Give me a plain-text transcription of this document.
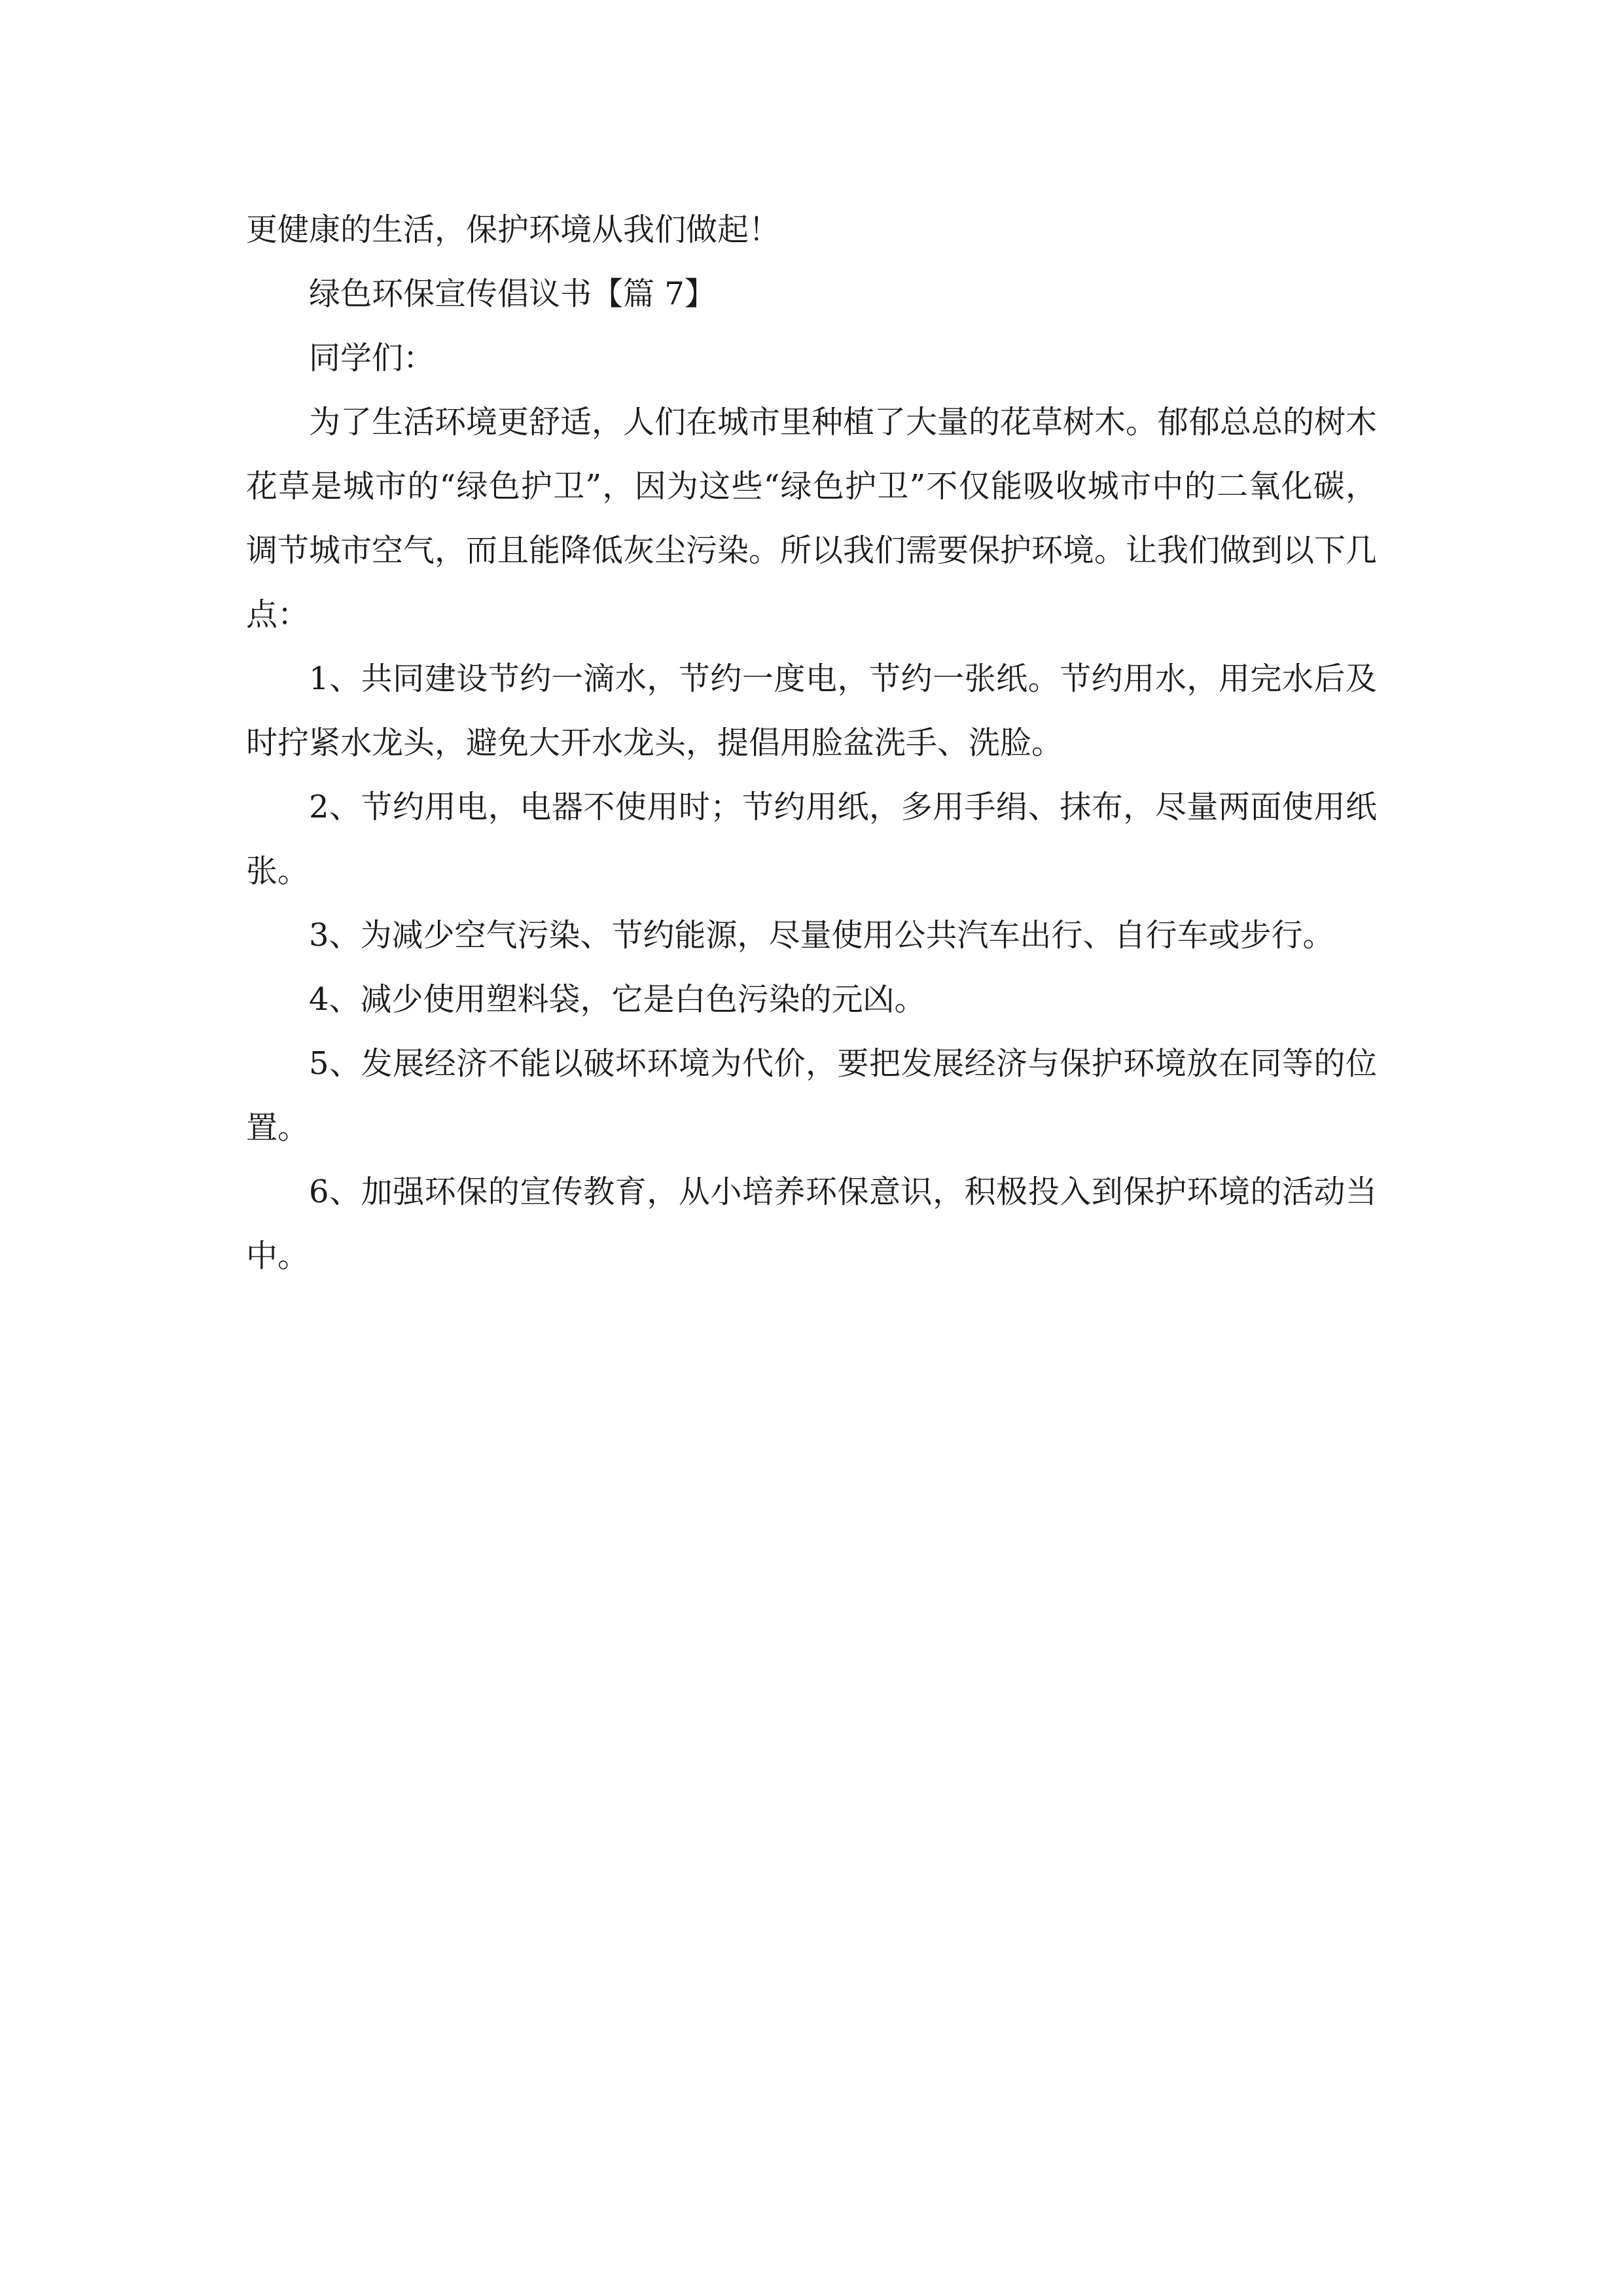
更健康的生活，保护环境从我们做起！

绿色环保宣传倡议书【篇 7】

同学们：

为了生活环境更舒适，人们在城市里种植了大量的花草树木。郁郁总总的树木花草是城市的“绿色护卫”，因为这些“绿色护卫”不仅能吸收城市中的二氧化碳，调节城市空气，而且能降低灰尘污染。所以我们需要保护环境。让我们做到以下几点：

1、共同建设节约一滴水，节约一度电，节约一张纸。节约用水，用完水后及时拧紧水龙头，避免大开水龙头，提倡用脸盆洗手、洗脸。

2、节约用电，电器不使用时；节约用纸，多用手绢、抹布，尽量两面使用纸张。

3、为减少空气污染、节约能源，尽量使用公共汽车出行、自行车或步行。

4、减少使用塑料袋，它是白色污染的元凶。

5、发展经济不能以破坏环境为代价，要把发展经济与保护环境放在同等的位置。

6、加强环保的宣传教育，从小培养环保意识，积极投入到保护环境的活动当中。
